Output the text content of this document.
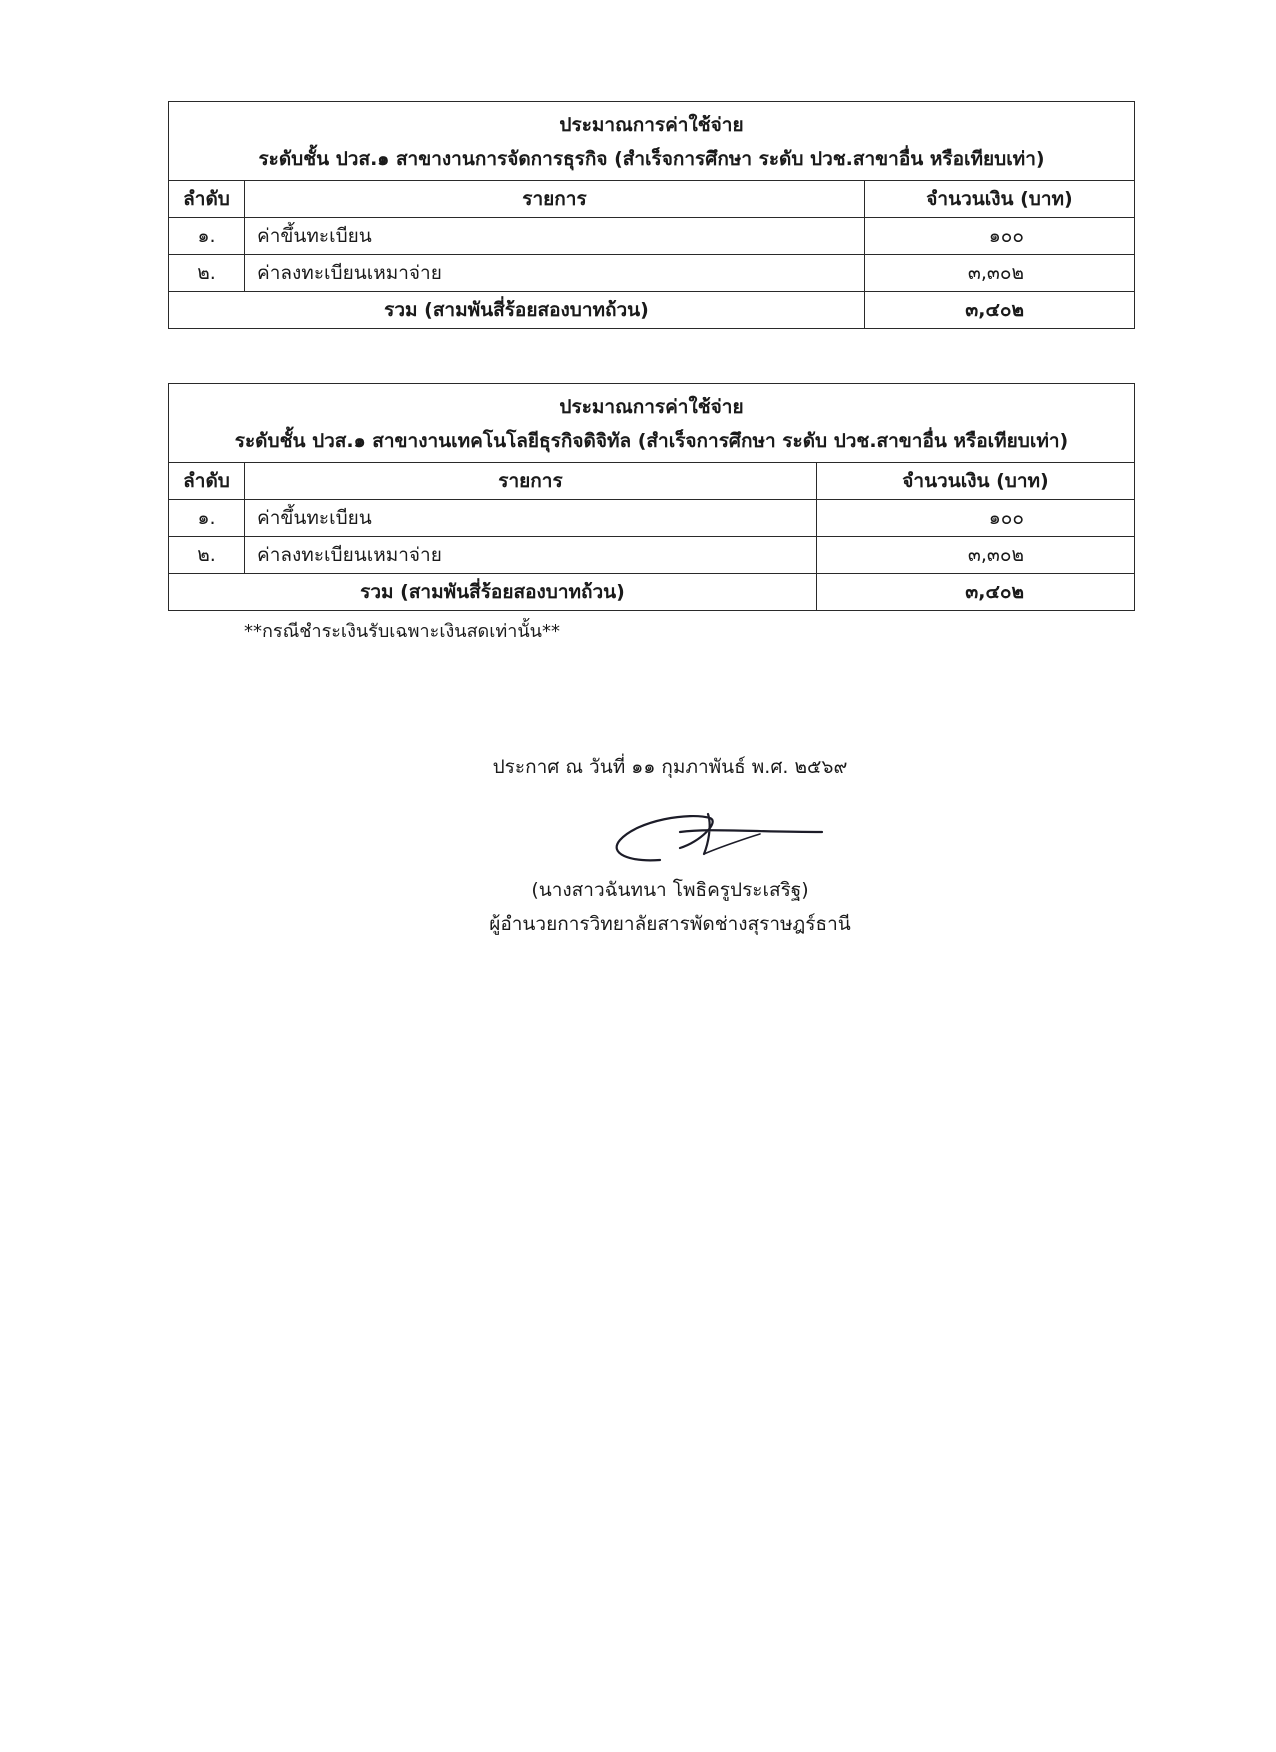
ประมาณการค่าใช้จ่าย
ระดับชั้น ปวส.๑ สาขางานการจัดการธุรกิจ (สำเร็จการศึกษา ระดับ ปวช.สาขาอื่น หรือเทียบเท่า)		

ลำดับ	รายการ	จำนวนเงิน (บาท)
๑.	ค่าขึ้นทะเบียน	๑๐๐
๒.	ค่าลงทะเบียนเหมาจ่าย	๓,๓๐๒
รวม (สามพันสี่ร้อยสองบาทถ้วน)		๓,๔๐๒
ประมาณการค่าใช้จ่าย
ระดับชั้น ปวส.๑ สาขางานเทคโนโลยีธุรกิจดิจิทัล (สำเร็จการศึกษา ระดับ ปวช.สาขาอื่น หรือเทียบเท่า)		

ลำดับ	รายการ	จำนวนเงิน (บาท)
๑.	ค่าขึ้นทะเบียน	๑๐๐
๒.	ค่าลงทะเบียนเหมาจ่าย	๓,๓๐๒
รวม (สามพันสี่ร้อยสองบาทถ้วน)		๓,๔๐๒
**กรณีชำระเงินรับเฉพาะเงินสดเท่านั้น**
ประกาศ ณ วันที่ ๑๑ กุมภาพันธ์ พ.ศ. ๒๕๖๙
(นางสาวฉันทนา โพธิครูประเสริฐ)
ผู้อำนวยการวิทยาลัยสารพัดช่างสุราษฎร์ธานี
